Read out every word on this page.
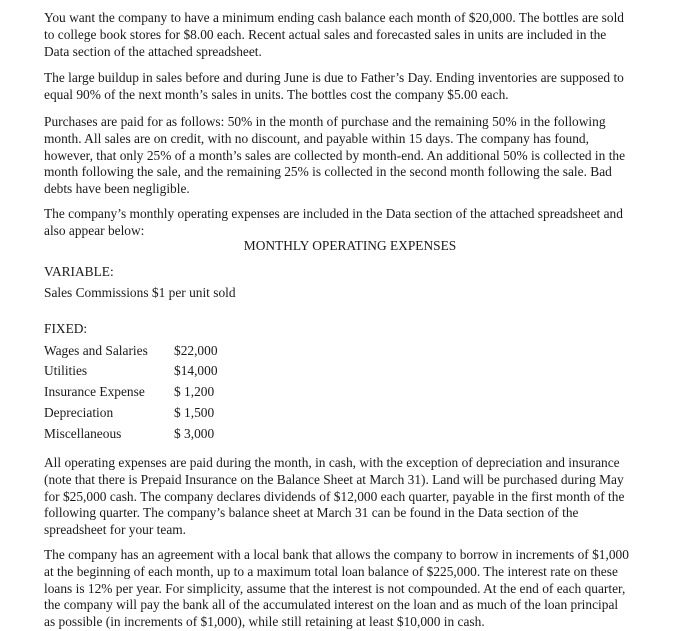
You want the company to have a minimum ending cash balance each month of $20,000. The bottles are sold
to college book stores for $8.00 each. Recent actual sales and forecasted sales in units are included in the
Data section of the attached spreadsheet.

The large buildup in sales before and during June is due to Father’s Day. Ending inventories are supposed to
equal 90% of the next month’s sales in units. The bottles cost the company $5.00 each.

Purchases are paid for as follows: 50% in the month of purchase and the remaining 50% in the following
month. All sales are on credit, with no discount, and payable within 15 days. The company has found,
however, that only 25% of a month’s sales are collected by month-end. An additional 50% is collected in the
month following the sale, and the remaining 25% is collected in the second month following the sale. Bad
debts have been negligible.

The company’s monthly operating expenses are included in the Data section of the attached spreadsheet and
also appear below:

MONTHLY OPERATING EXPENSES

VARIABLE:

Sales Commissions $1 per unit sold

FIXED:

Wages and Salaries $22,000
Utilities	$14,000
Insurance Expense $ 1,200
Depreciation	$ 1,500
Miscellaneous	$ 3,000

All operating expenses are paid during the month, in cash, with the exception of depreciation and insurance
(note that there is Prepaid Insurance on the Balance Sheet at March 31). Land will be purchased during May
for $25,000 cash. The company declares dividends of $12,000 each quarter, payable in the first month of the
following quarter. The company’s balance sheet at March 31 can be found in the Data section of the
spreadsheet for your team.

The company has an agreement with a local bank that allows the company to borrow in increments of $1,000
at the beginning of each month, up to a maximum total loan balance of $225,000. The interest rate on these
loans is 12% per year. For simplicity, assume that the interest is not compounded. At the end of each quarter,
the company will pay the bank all of the accumulated interest on the loan and as much of the loan principal
as possible (in increments of $1,000), while still retaining at least $10,000 in cash.
